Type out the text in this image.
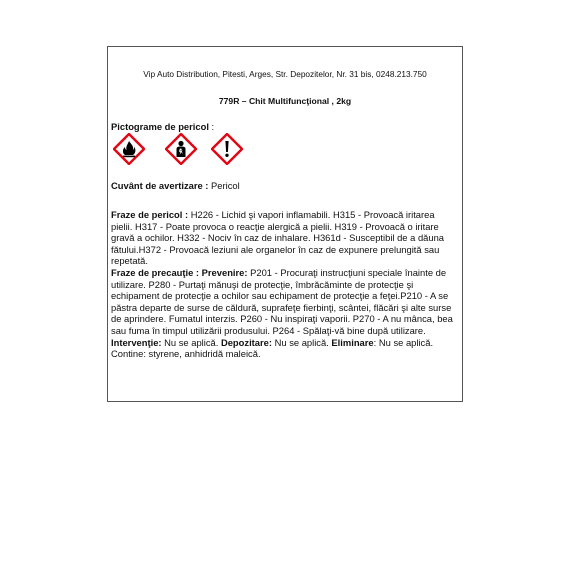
Vip Auto Distribution, Pitesti, Arges, Str. Depozitelor, Nr. 31 bis, 0248.213.750
779R – Chit Multifuncţional , 2kg
Pictograme de pericol :
Cuvânt de avertizare : Pericol

Fraze de pericol : H226 - Lichid şi vapori inflamabili. H315 - Provoacă iritarea pielii. H317 - Poate provoca o reacţie alergică a pielii. H319 - Provoacă o iritare gravă a ochilor. H332 - Nociv în caz de inhalare. H361d - Susceptibil de a dăuna fătului.H372 - Provoacă leziuni ale organelor în caz de expunere prelungită sau repetată.

Fraze de precauţie : Prevenire: P201 - Procuraţi instrucţiuni speciale înainte de utilizare. P280 - Purtaţi mănuşi de protecţie, îmbrăcăminte de protecţie şi echipament de protecţie a ochilor sau echipament de protecţie a feţei.P210 - A se păstra departe de surse de căldură, suprafeţe fierbinţi, scântei, flăcări şi alte surse de aprindere. Fumatul interzis. P260 - Nu inspiraţi vaporii. P270 - A nu mânca, bea sau fuma în timpul utilizării produsului. P264 - Spălaţi-vă bine după utilizare. Intervenţie: Nu se aplică. Depozitare: Nu se aplică. Eliminare: Nu se aplică. Contine: styrene, anhidridă maleică.
